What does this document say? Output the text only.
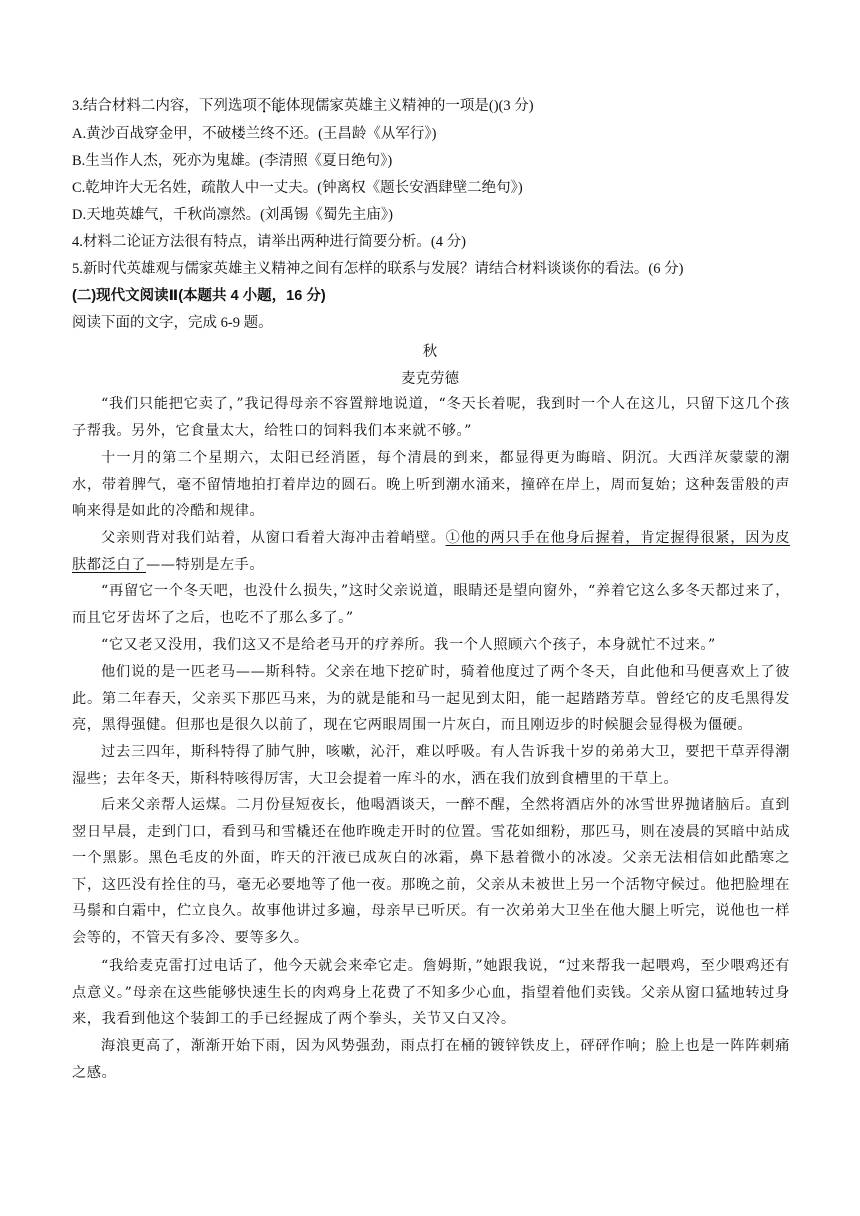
3.结合材料二内容，下列选项不能体现儒家英雄主义精神的一项是()(3 分)
A.黄沙百战穿金甲，不破楼兰终不还。(王昌龄《从军行》)
B.生当作人杰，死亦为鬼雄。(李清照《夏日绝句》)
C.乾坤许大无名姓，疏散人中一丈夫。(钟离权《题长安酒肆壁二绝句》)
D.天地英雄气，千秋尚凛然。(刘禹锡《蜀先主庙》)
4.材料二论证方法很有特点，请举出两种进行简要分析。(4 分)
5.新时代英雄观与儒家英雄主义精神之间有怎样的联系与发展？请结合材料谈谈你的看法。(6 分)
(二)现代文阅读Ⅱ(本题共 4 小题，16 分)
阅读下面的文字，完成 6-9 题。
秋
麦克劳德

“我们只能把它卖了，”我记得母亲不容置辩地说道，“冬天长着呢，我到时一个人在这儿，只留下这几个孩子帮我。另外，它食量太大，给牲口的饲料我们本来就不够。”

十一月的第二个星期六，太阳已经消匿，每个清晨的到来，都显得更为晦暗、阴沉。大西洋灰蒙蒙的潮水，带着脾气，毫不留情地拍打着岸边的圆石。晚上听到潮水涌来，撞碎在岸上，周而复始；这种轰雷般的声响来得是如此的冷酷和规律。

父亲则背对我们站着，从窗口看着大海冲击着峭壁。①他的两只手在他身后握着，肯定握得很紧，因为皮肤都泛白了——特别是左手。

“再留它一个冬天吧，也没什么损失，”这时父亲说道，眼睛还是望向窗外，“养着它这么多冬天都过来了，而且它牙齿坏了之后，也吃不了那么多了。”

“它又老又没用，我们这又不是给老马开的疗养所。我一个人照顾六个孩子，本身就忙不过来。”

他们说的是一匹老马——斯科特。父亲在地下挖矿时，骑着他度过了两个冬天，自此他和马便喜欢上了彼此。第二年春天，父亲买下那匹马来，为的就是能和马一起见到太阳，能一起踏踏芳草。曾经它的皮毛黑得发亮，黑得强健。但那也是很久以前了，现在它两眼周围一片灰白，而且刚迈步的时候腿会显得极为僵硬。

过去三四年，斯科特得了肺气肿，咳嗽，沁汗，难以呼吸。有人告诉我十岁的弟弟大卫，要把干草弄得潮湿些；去年冬天，斯科特咳得厉害，大卫会提着一库斗的水，洒在我们放到食槽里的干草上。

后来父亲帮人运煤。二月份昼短夜长，他喝酒谈天，一醉不醒，全然将酒店外的冰雪世界抛诸脑后。直到翌日早晨，走到门口，看到马和雪橇还在他昨晚走开时的位置。雪花如细粉，那匹马，则在凌晨的冥暗中站成一个黑影。黑色毛皮的外面，昨天的汗液已成灰白的冰霜，鼻下悬着微小的冰凌。父亲无法相信如此酷寒之下，这匹没有拴住的马，毫无必要地等了他一夜。那晚之前，父亲从未被世上另一个活物守候过。他把脸埋在马鬃和白霜中，伫立良久。故事他讲过多遍，母亲早已听厌。有一次弟弟大卫坐在他大腿上听完，说他也一样会等的，不管天有多冷、要等多久。

“我给麦克雷打过电话了，他今天就会来牵它走。詹姆斯，”她跟我说，“过来帮我一起喂鸡，至少喂鸡还有点意义。”母亲在这些能够快速生长的肉鸡身上花费了不知多少心血，指望着他们卖钱。父亲从窗口猛地转过身来，我看到他这个装卸工的手已经握成了两个拳头，关节又白又冷。

海浪更高了，渐渐开始下雨，因为风势强劲，雨点打在桶的镀锌铁皮上，砰砰作响；脸上也是一阵阵刺痛之感。
